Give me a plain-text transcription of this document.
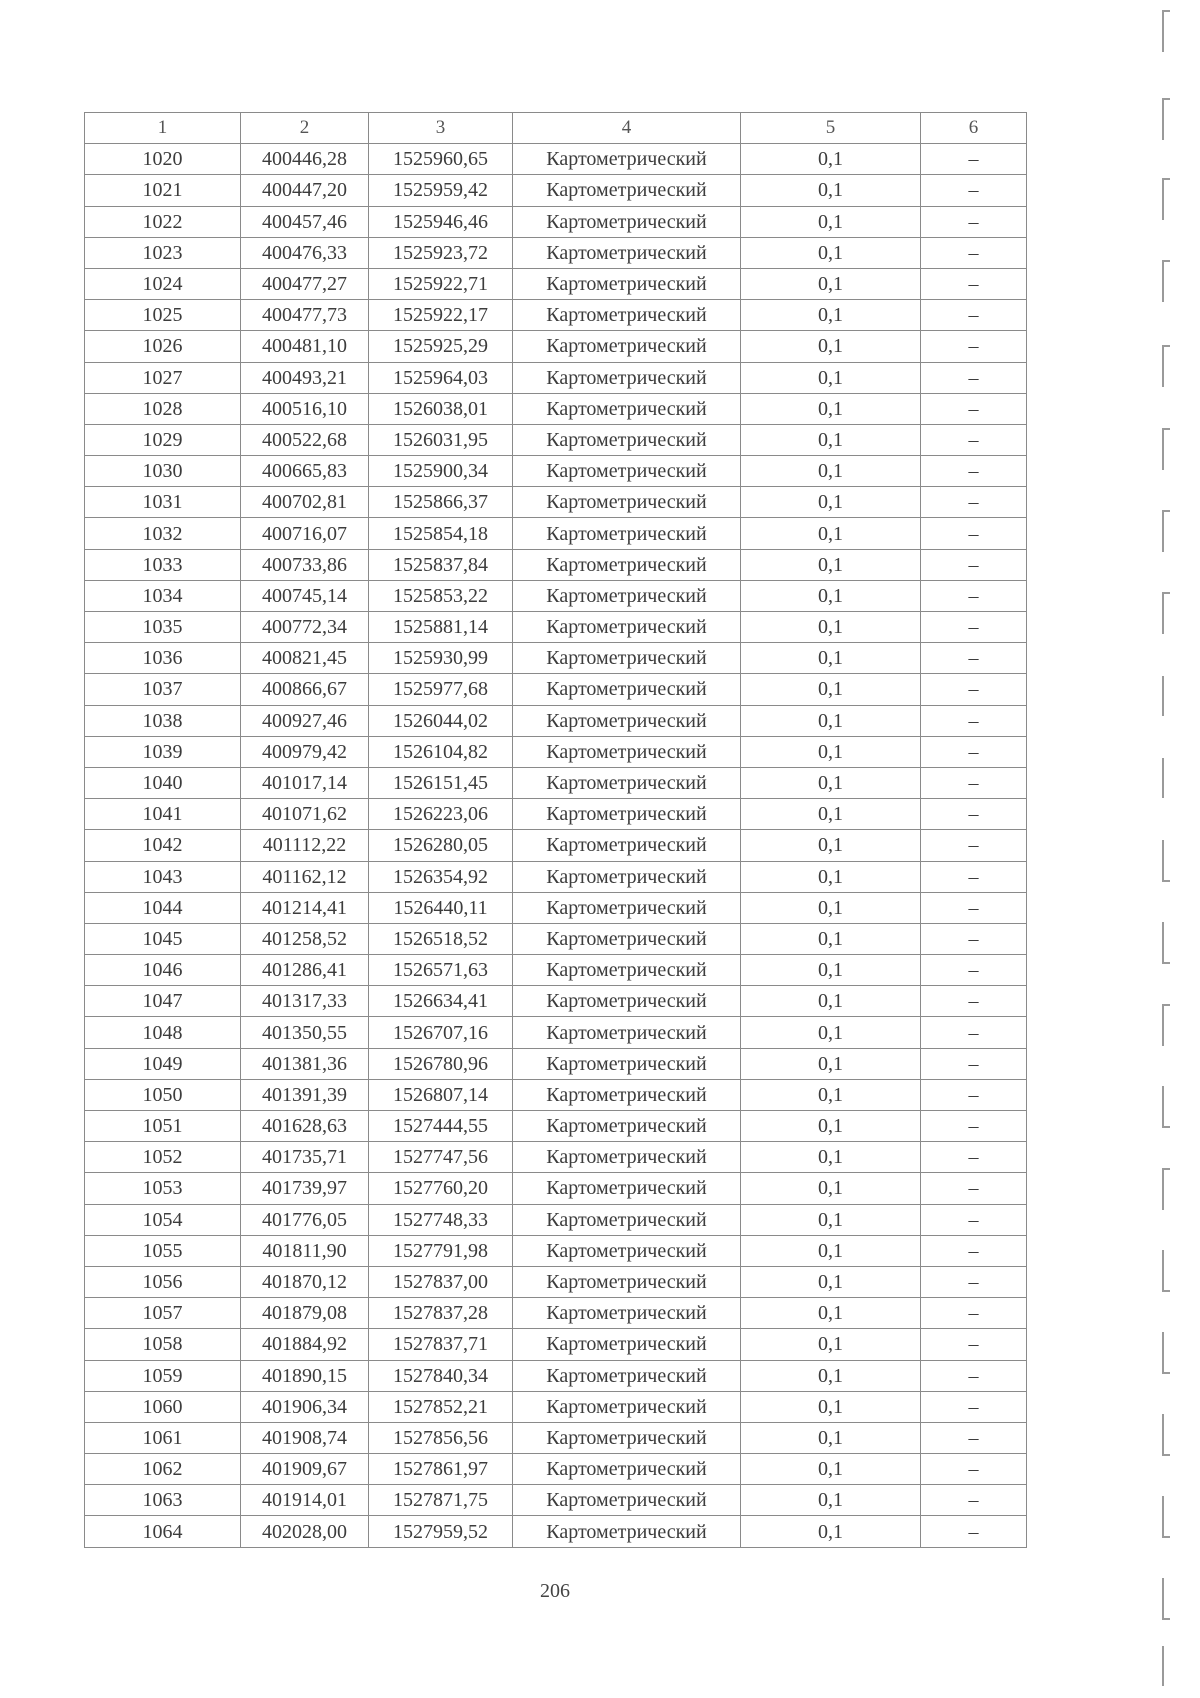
1	2	3	4	5	6
1020	400446,28	1525960,65	Картометрический	0,1	–
1021	400447,20	1525959,42	Картометрический	0,1	–
1022	400457,46	1525946,46	Картометрический	0,1	–
1023	400476,33	1525923,72	Картометрический	0,1	–
1024	400477,27	1525922,71	Картометрический	0,1	–
1025	400477,73	1525922,17	Картометрический	0,1	–
1026	400481,10	1525925,29	Картометрический	0,1	–
1027	400493,21	1525964,03	Картометрический	0,1	–
1028	400516,10	1526038,01	Картометрический	0,1	–
1029	400522,68	1526031,95	Картометрический	0,1	–
1030	400665,83	1525900,34	Картометрический	0,1	–
1031	400702,81	1525866,37	Картометрический	0,1	–
1032	400716,07	1525854,18	Картометрический	0,1	–
1033	400733,86	1525837,84	Картометрический	0,1	–
1034	400745,14	1525853,22	Картометрический	0,1	–
1035	400772,34	1525881,14	Картометрический	0,1	–
1036	400821,45	1525930,99	Картометрический	0,1	–
1037	400866,67	1525977,68	Картометрический	0,1	–
1038	400927,46	1526044,02	Картометрический	0,1	–
1039	400979,42	1526104,82	Картометрический	0,1	–
1040	401017,14	1526151,45	Картометрический	0,1	–
1041	401071,62	1526223,06	Картометрический	0,1	–
1042	401112,22	1526280,05	Картометрический	0,1	–
1043	401162,12	1526354,92	Картометрический	0,1	–
1044	401214,41	1526440,11	Картометрический	0,1	–
1045	401258,52	1526518,52	Картометрический	0,1	–
1046	401286,41	1526571,63	Картометрический	0,1	–
1047	401317,33	1526634,41	Картометрический	0,1	–
1048	401350,55	1526707,16	Картометрический	0,1	–
1049	401381,36	1526780,96	Картометрический	0,1	–
1050	401391,39	1526807,14	Картометрический	0,1	–
1051	401628,63	1527444,55	Картометрический	0,1	–
1052	401735,71	1527747,56	Картометрический	0,1	–
1053	401739,97	1527760,20	Картометрический	0,1	–
1054	401776,05	1527748,33	Картометрический	0,1	–
1055	401811,90	1527791,98	Картометрический	0,1	–
1056	401870,12	1527837,00	Картометрический	0,1	–
1057	401879,08	1527837,28	Картометрический	0,1	–
1058	401884,92	1527837,71	Картометрический	0,1	–
1059	401890,15	1527840,34	Картометрический	0,1	–
1060	401906,34	1527852,21	Картометрический	0,1	–
1061	401908,74	1527856,56	Картометрический	0,1	–
1062	401909,67	1527861,97	Картометрический	0,1	–
1063	401914,01	1527871,75	Картометрический	0,1	–
1064	402028,00	1527959,52	Картометрический	0,1	–
206
